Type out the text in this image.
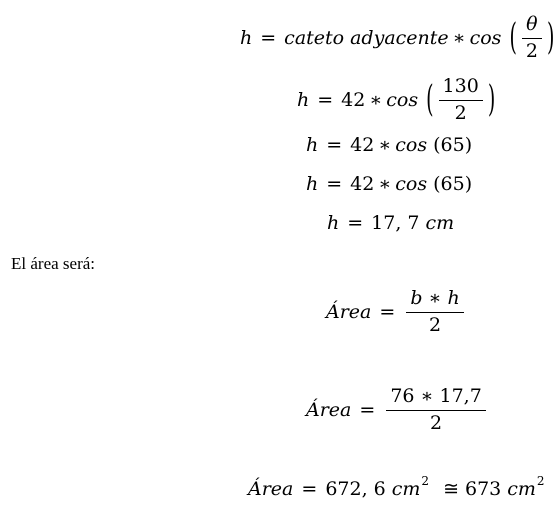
h = cateto adyacente ∗ cos ( $\frac{\theta}{2}$ )
h = 42 ∗ cos ( $\frac{130}{2}$ )
h = 42 ∗ cos (65)
h = 42 ∗ cos (65)
h = 17, 7 cm
El área será:
Área = $\frac{b ∗ h}{2}$
Área = $\frac{76 ∗ 17,7}{2}$
Área = 672, 6 cm 2 ≅ 673 cm 2
